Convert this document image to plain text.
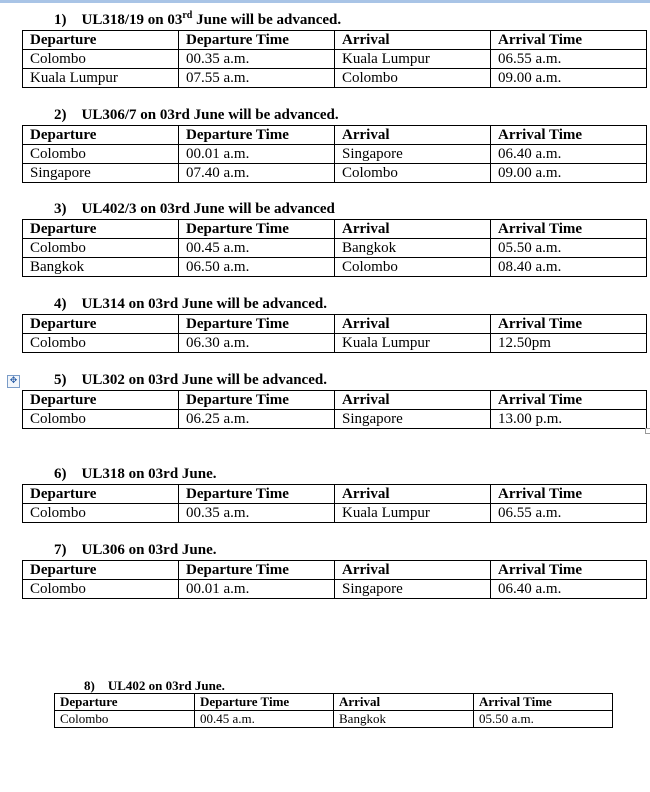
1) UL318/19 on 03rd June will be advanced.
Departure	Departure Time	Arrival	Arrival Time
Colombo	00.35 a.m.	Kuala Lumpur	06.55 a.m.
Kuala Lumpur	07.55 a.m.	Colombo	09.00 a.m.
2) UL306/7 on 03rd June will be advanced.
Departure	Departure Time	Arrival	Arrival Time
Colombo	00.01 a.m.	Singapore	06.40 a.m.
Singapore	07.40 a.m.	Colombo	09.00 a.m.
3) UL402/3 on 03rd June will be advanced
Departure	Departure Time	Arrival	Arrival Time
Colombo	00.45 a.m.	Bangkok	05.50 a.m.
Bangkok	06.50 a.m.	Colombo	08.40 a.m.
4) UL314 on 03rd June will be advanced.
Departure	Departure Time	Arrival	Arrival Time
Colombo	06.30 a.m.	Kuala Lumpur	12.50pm
✥ 5) UL302 on 03rd June will be advanced.
Departure	Departure Time	Arrival	Arrival Time
Colombo	06.25 a.m.	Singapore	13.00 p.m.
6) UL318 on 03rd June.
Departure	Departure Time	Arrival	Arrival Time
Colombo	00.35 a.m.	Kuala Lumpur	06.55 a.m.
7) UL306 on 03rd June.
Departure	Departure Time	Arrival	Arrival Time
Colombo	00.01 a.m.	Singapore	06.40 a.m.
8) UL402 on 03rd June.
Departure	Departure Time	Arrival	Arrival Time
Colombo	00.45 a.m.	Bangkok	05.50 a.m.
